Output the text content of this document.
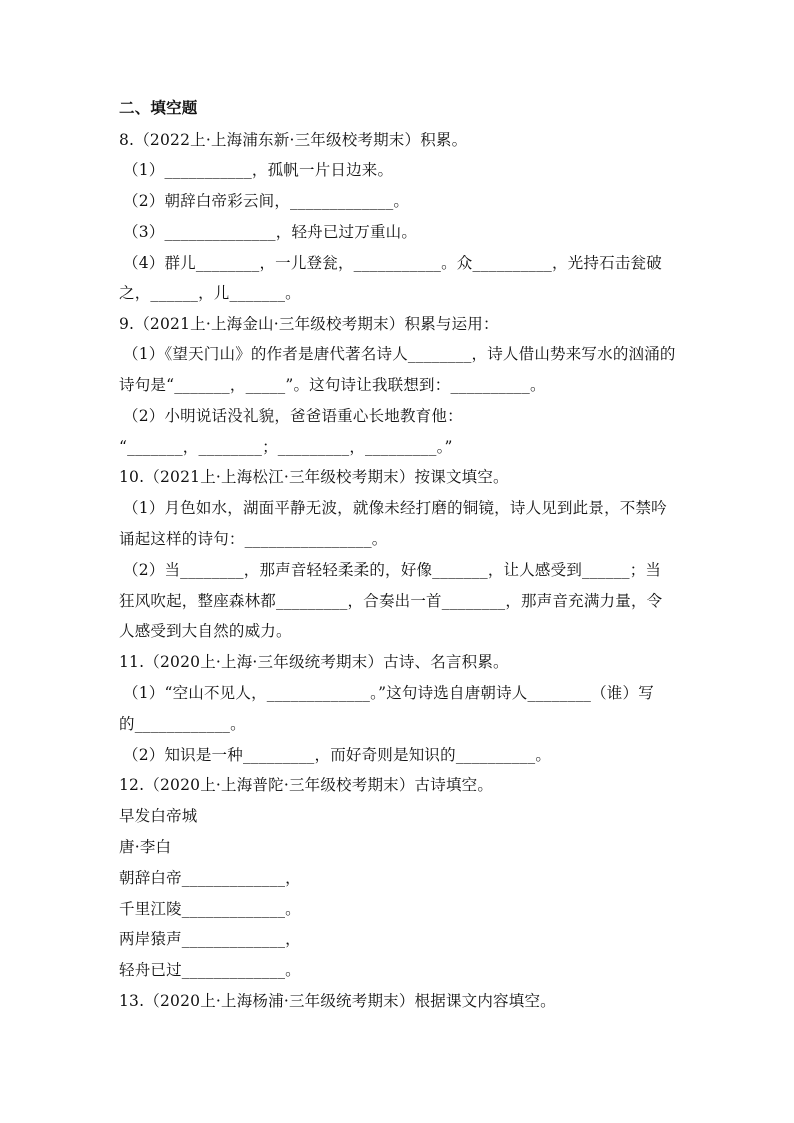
二、填空题
8.（2022上·上海浦东新·三年级校考期末）积累。
（1）___________，孤帆一片日边来。
（2）朝辞白帝彩云间，_____________。
（3）______________，轻舟已过万重山。
（4）群儿________，一儿登瓮，___________。众__________，光持石击瓮破
之，______，儿_______。
9.（2021上·上海金山·三年级校考期末）积累与运用：
（1）《望天门山》的作者是唐代著名诗人________，诗人借山势来写水的汹涌的
诗句是“_______，_____”。这句诗让我联想到：__________。
（2）小明说话没礼貌，爸爸语重心长地教育他：
“_______，________；_________，_________。”
10.（2021上·上海松江·三年级校考期末）按课文填空。
（1）月色如水，湖面平静无波，就像未经打磨的铜镜，诗人见到此景，不禁吟
诵起这样的诗句：________________。
（2）当________，那声音轻轻柔柔的，好像_______，让人感受到______；当
狂风吹起，整座森林都_________，合奏出一首________，那声音充满力量，令
人感受到大自然的威力。
11.（2020上·上海·三年级统考期末）古诗、名言积累。
（1）“空山不见人，_____________。”这句诗选自唐朝诗人________（谁）写
的____________。
（2）知识是一种_________，而好奇则是知识的__________。
12.（2020上·上海普陀·三年级校考期末）古诗填空。
早发白帝城
唐·李白
朝辞白帝_____________，
千里江陵_____________。
两岸猿声_____________，
轻舟已过_____________。
13.（2020上·上海杨浦·三年级统考期末）根据课文内容填空。
